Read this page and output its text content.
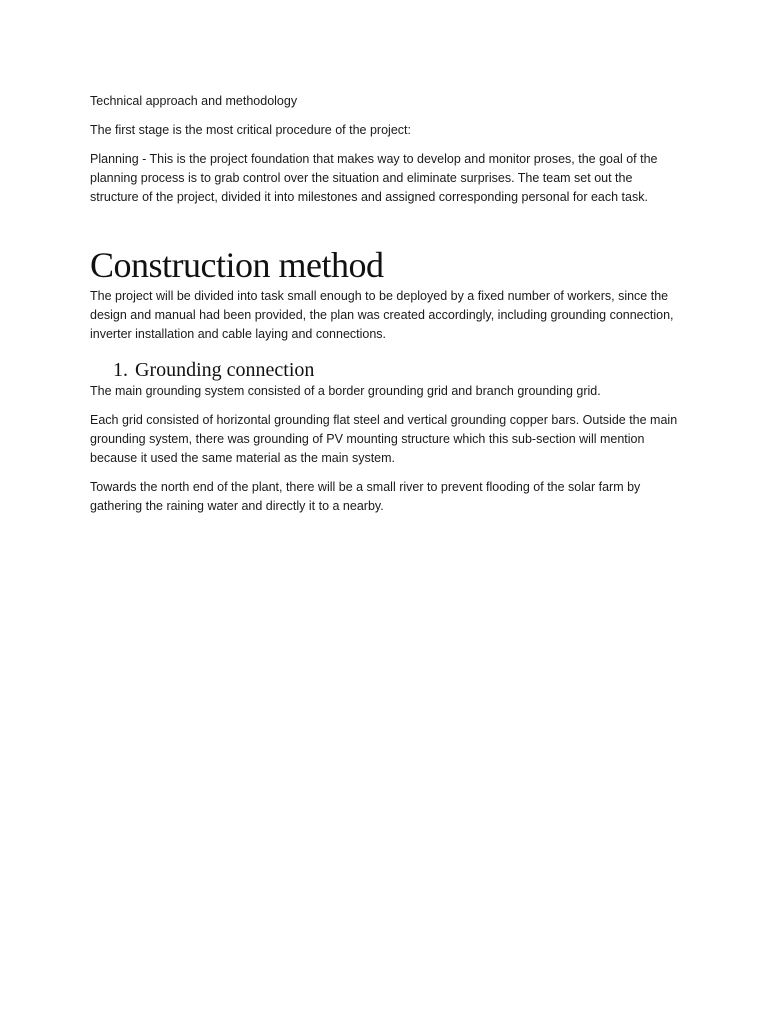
Technical approach and methodology

The first stage is the most critical procedure of the project:

Planning - This is the project foundation that makes way to develop and monitor proses, the goal of the planning process is to grab control over the situation and eliminate surprises. The team set out the structure of the project, divided it into milestones and assigned corresponding personal for each task.

Construction method

The project will be divided into task small enough to be deployed by a fixed number of workers, since the design and manual had been provided, the plan was created accordingly, including grounding connection, inverter installation and cable laying and connections.

1. Grounding connection

The main grounding system consisted of a border grounding grid and branch grounding grid.

Each grid consisted of horizontal grounding flat steel and vertical grounding copper bars. Outside the main grounding system, there was grounding of PV mounting structure which this sub-section will mention because it used the same material as the main system.

Towards the north end of the plant, there will be a small river to prevent flooding of the solar farm by gathering the raining water and directly it to a nearby.
